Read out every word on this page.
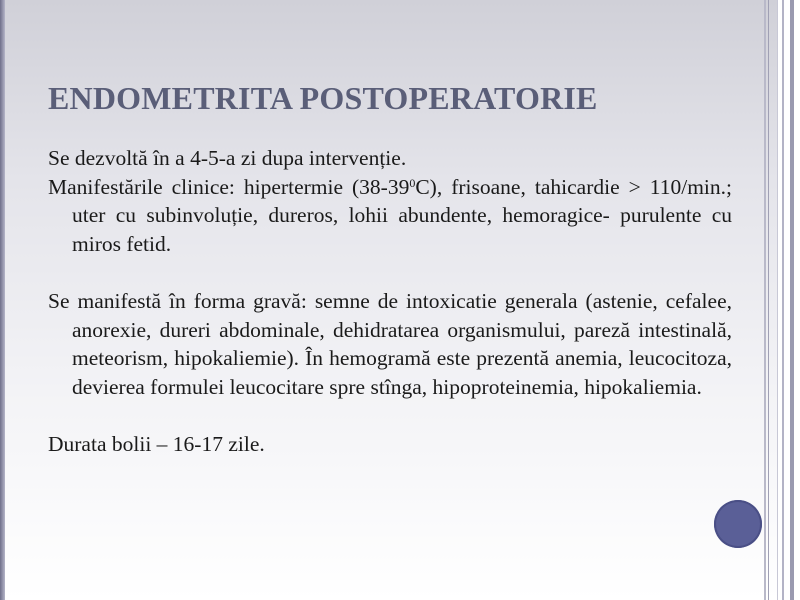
ENDOMETRITA POSTOPERATORIE

Se dezvoltă în a 4-5-a zi dupa intervenție.

Manifestările clinice: hipertermie $(38-39^0C)$, frisoane, tahicardie > 110/min.; uter cu subinvoluție, dureros, lohii abundente, hemoragice- purulente cu miros fetid.

Se manifestă în forma gravă: semne de intoxicatie generala (astenie, cefalee, anorexie, dureri abdominale, dehidratarea organismului, pareză intestinală, meteorism, hipokaliemie). În hemogramă este prezentă anemia, leucocitoza, devierea formulei leucocitare spre stînga, hipoproteinemia, hipokaliemia.

Durata bolii – 16-17 zile.
